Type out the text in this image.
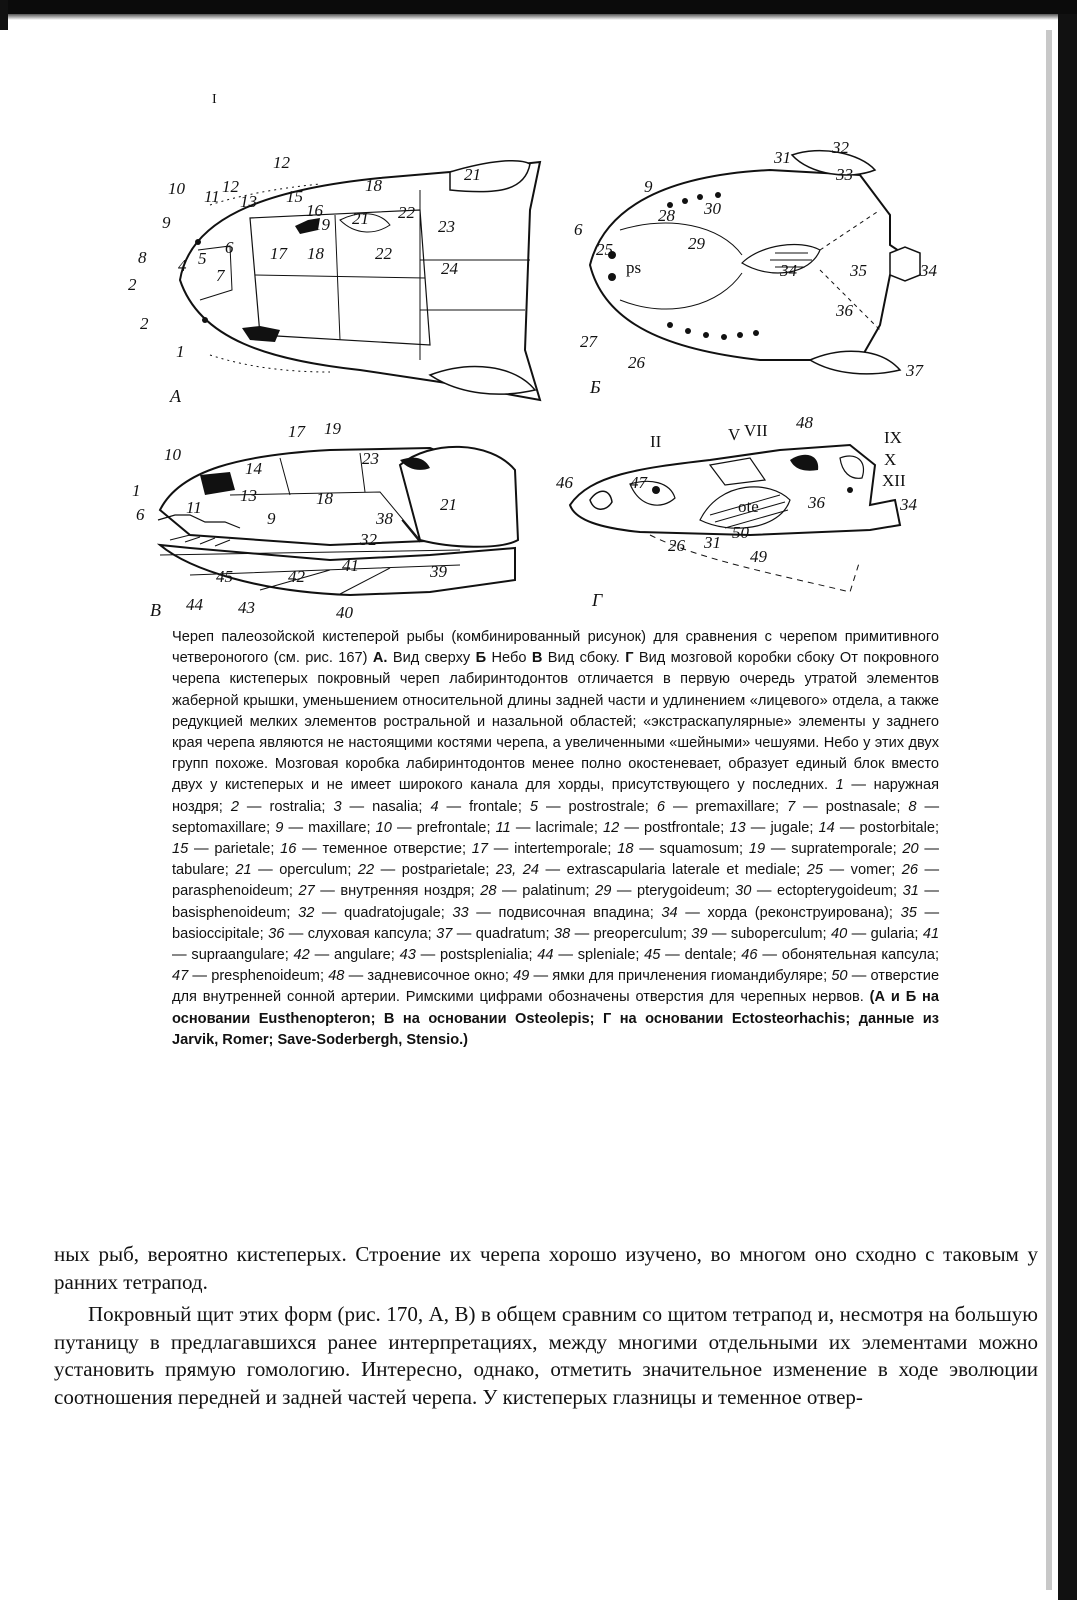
I
12
18
21
10 11
12
13 15
16
19 21 22
23
9
6 17 18	22
8 4 5
7	24
2
2
1
А
31
32
33
9
28 30
6
29
25
ps	34	35	34
36
27
26	37
Б
17 19
10
14
23
1	13	18	21
6 11
9	38
32
41	39
45	42
44 43	40
В
II	V VII 48
IX
X
XII
46	47
ote	36	34
50
26 31
49
Г
Череп палеозойской кистеперой рыбы (комбинированный рисунок) для сравнения с черепом примитивного четвероногого (см. рис. 167) А. Вид сверху Б Небо В Вид сбоку. Г Вид мозговой коробки сбоку От покровного черепа кистеперых покровный череп лабиринтодонтов отличается в первую очередь утратой элементов жаберной крышки, уменьшением относительной длины задней части и удлинением «лицевого» отдела, а также редукцией мелких элементов ростральной и назальной областей; «экстраскапулярные» элементы у заднего края черепа являются не настоящими костями черепа, а увеличенными «шейными» чешуями. Небо у этих двух групп похоже. Мозговая коробка лабиринтодонтов менее полно окостеневает, образует единый блок вместо двух у кистеперых и не имеет широкого канала для хорды, присутствующего у последних. 1 — наружная ноздря; 2 — rostralia; 3 — nasalia; 4 — frontale; 5 — postrostrale; 6 — premaxillare; 7 — postnasale; 8 — septomaxillare; 9 — maxillare; 10 — prefrontale; 11 — lacrimale; 12 — postfrontale; 13 — jugale; 14 — postorbitale; 15 — parietale; 16 — теменное отверстие; 17 — intertemporale; 18 — squamosum; 19 — supratemporale; 20 — tabulare; 21 — operculum; 22 — postparietale; 23, 24 — extrascapularia laterale et mediale; 25 — vomer; 26 — parasphenoideum; 27 — внутренняя ноздря; 28 — palatinum; 29 — pterygoideum; 30 — ectopterygoideum; 31 — basisphenoideum; 32 — quadratojugale; 33 — подвисочная впадина; 34 — хорда (реконструирована); 35 — basioccipitale; 36 — слуховая капсула; 37 — quadratum; 38 — preoperculum; 39 — suboperculum; 40 — gularia; 41 — supraangulare; 42 — angulare; 43 — postsplenialia; 44 — spleniale; 45 — dentale; 46 — обонятельная капсула; 47 — presphenoideum; 48 — задневисочное окно; 49 — ямки для причленения гиомандибуляре; 50 — отверстие для внутренней сонной артерии. Римскими цифрами обозначены отверстия для черепных нервов. (А и Б на основании Eusthenopteron; В на основании Osteolepis; Г на основании Ectosteorhachis; данные из Jarvik, Romer; Save-Soderbergh, Stensio.)

ных рыб, вероятно кистеперых. Строение их черепа хорошо изучено, во многом оно сходно с таковым у ранних тетрапод.

Покровный щит этих форм (рис. 170, А, В) в общем сравним со щитом тетрапод и, несмотря на большую путаницу в предлагавшихся ранее интерпретациях, между многими отдельными их элементами можно установить прямую гомологию. Интересно, однако, отметить значительное изменение в ходе эволюции соотношения передней и задней частей черепа. У кистеперых глазницы и теменное отвер-
